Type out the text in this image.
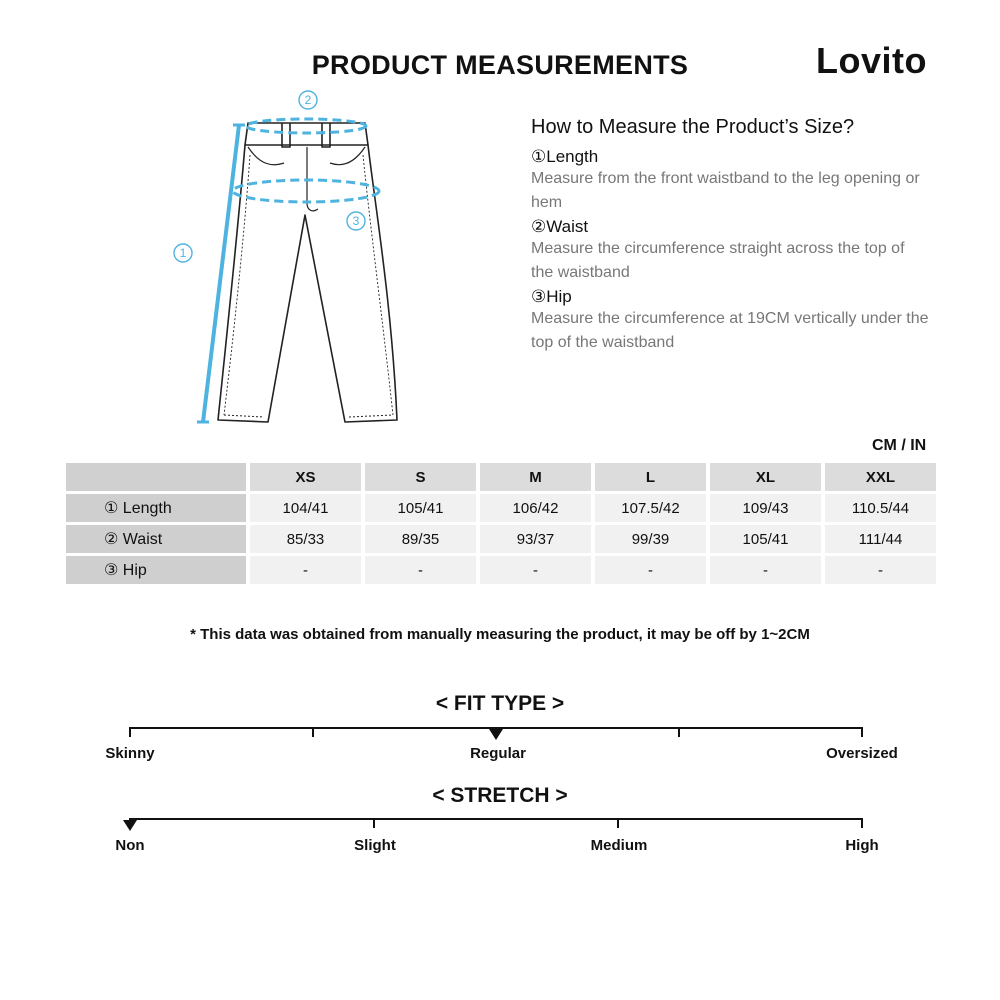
PRODUCT MEASUREMENTS	Lovito
1
2
3
How to Measure the Product’s Size?
①Length
Measure from the front waistband to the leg opening or hem
②Waist
Measure the circumference straight across the top of the waistband
③Hip
Measure the circumference at 19CM vertically under the top of the waistband
CM / IN
	XS	S	M	L	XL	XXL
① Length	104/41	105/41	106/42	107.5/42	109/43	110.5/44
② Waist	85/33	89/35	93/37	99/39	105/41	111/44
③ Hip	-	-	-	-	-	-
* This data was obtained from manually measuring the product, it may be off by 1~2CM
< FIT TYPE >
Skinny	Regular	Oversized
< STRETCH >
Non	Slight	Medium	High
